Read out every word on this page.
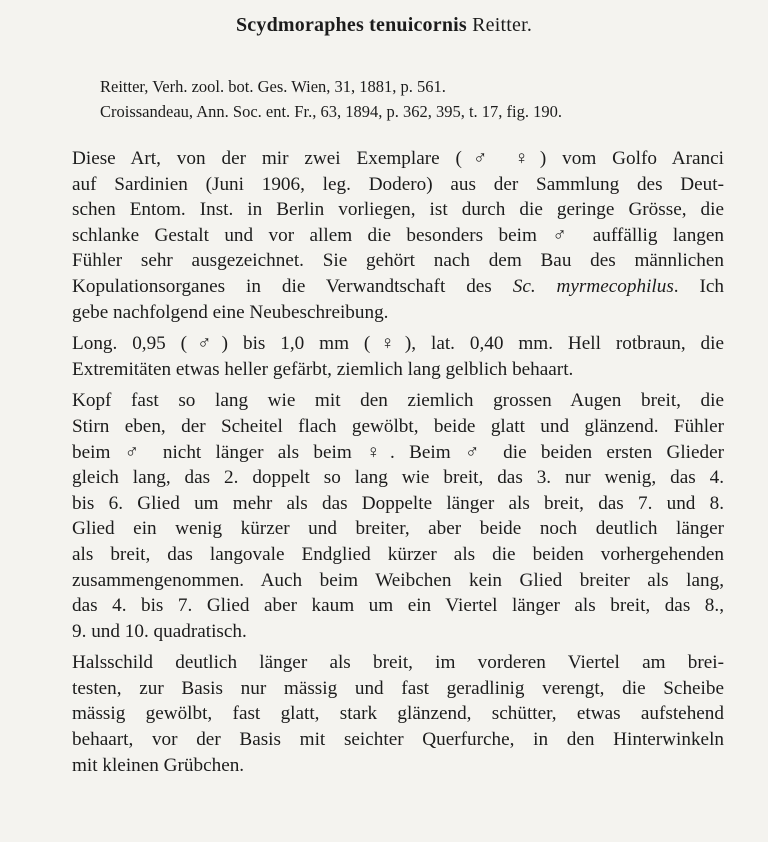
Scydmoraphes tenuicornis Reitter.
Reitter, Verh. zool. bot. Ges. Wien, 31, 1881, p. 561.
Croissandeau, Ann. Soc. ent. Fr., 63, 1894, p. 362, 395, t. 17, fig. 190.
Diese Art, von der mir zwei Exemplare (♂ ♀) vom Golfo Aranci
auf Sardinien (Juni 1906, leg. Dodero) aus der Sammlung des Deut-
schen Entom. Inst. in Berlin vorliegen, ist durch die geringe Grösse, die
schlanke Gestalt und vor allem die besonders beim ♂ auffällig langen
Fühler sehr ausgezeichnet. Sie gehört nach dem Bau des männlichen
Kopulationsorganes in die Verwandtschaft des Sc. myrmecophilus. Ich
gebe nachfolgend eine Neubeschreibung.
Long. 0,95 (♂) bis 1,0 mm (♀), lat. 0,40 mm. Hell rotbraun, die
Extremitäten etwas heller gefärbt, ziemlich lang gelblich behaart.
Kopf fast so lang wie mit den ziemlich grossen Augen breit, die
Stirn eben, der Scheitel flach gewölbt, beide glatt und glänzend. Fühler
beim ♂ nicht länger als beim ♀. Beim ♂ die beiden ersten Glieder
gleich lang, das 2. doppelt so lang wie breit, das 3. nur wenig, das 4.
bis 6. Glied um mehr als das Doppelte länger als breit, das 7. und 8.
Glied ein wenig kürzer und breiter, aber beide noch deutlich länger
als breit, das langovale Endglied kürzer als die beiden vorhergehenden
zusammengenommen. Auch beim Weibchen kein Glied breiter als lang,
das 4. bis 7. Glied aber kaum um ein Viertel länger als breit, das 8.,
9. und 10. quadratisch.
Halsschild deutlich länger als breit, im vorderen Viertel am brei-
testen, zur Basis nur mässig und fast geradlinig verengt, die Scheibe
mässig gewölbt, fast glatt, stark glänzend, schütter, etwas aufstehend
behaart, vor der Basis mit seichter Querfurche, in den Hinterwinkeln
mit kleinen Grübchen.
